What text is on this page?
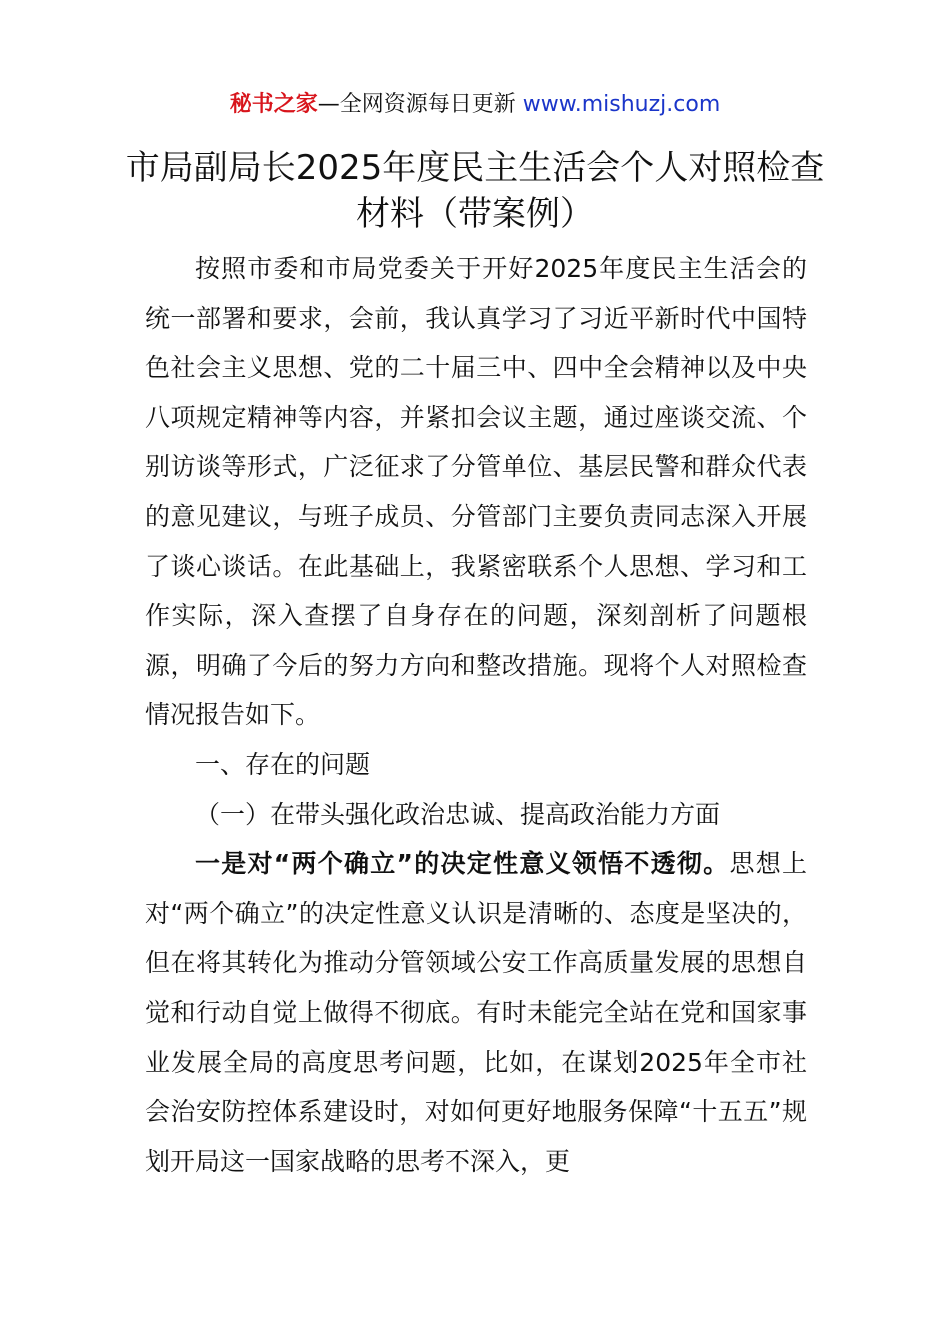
秘书之家—全网资源每日更新 www.mishuzj.com
市局副局长2025年度民主生活会个人对照检查材料（带案例）

按照市委和市局党委关于开好2025年度民主生活会的统一部署和要求，会前，我认真学习了习近平新时代中国特色社会主义思想、党的二十届三中、四中全会精神以及中央八项规定精神等内容，并紧扣会议主题，通过座谈交流、个别访谈等形式，广泛征求了分管单位、基层民警和群众代表的意见建议，与班子成员、分管部门主要负责同志深入开展了谈心谈话。在此基础上，我紧密联系个人思想、学习和工作实际，深入查摆了自身存在的问题，深刻剖析了问题根源，明确了今后的努力方向和整改措施。现将个人对照检查情况报告如下。

一、存在的问题

（一）在带头强化政治忠诚、提高政治能力方面

一是对“两个确立”的决定性意义领悟不透彻。思想上对“两个确立”的决定性意义认识是清晰的、态度是坚决的，但在将其转化为推动分管领域公安工作高质量发展的思想自觉和行动自觉上做得不彻底。有时未能完全站在党和国家事业发展全局的高度思考问题，比如，在谋划2025年全市社会治安防控体系建设时，对如何更好地服务保障“十五五”规划开局这一国家战略的思考不深入，更
